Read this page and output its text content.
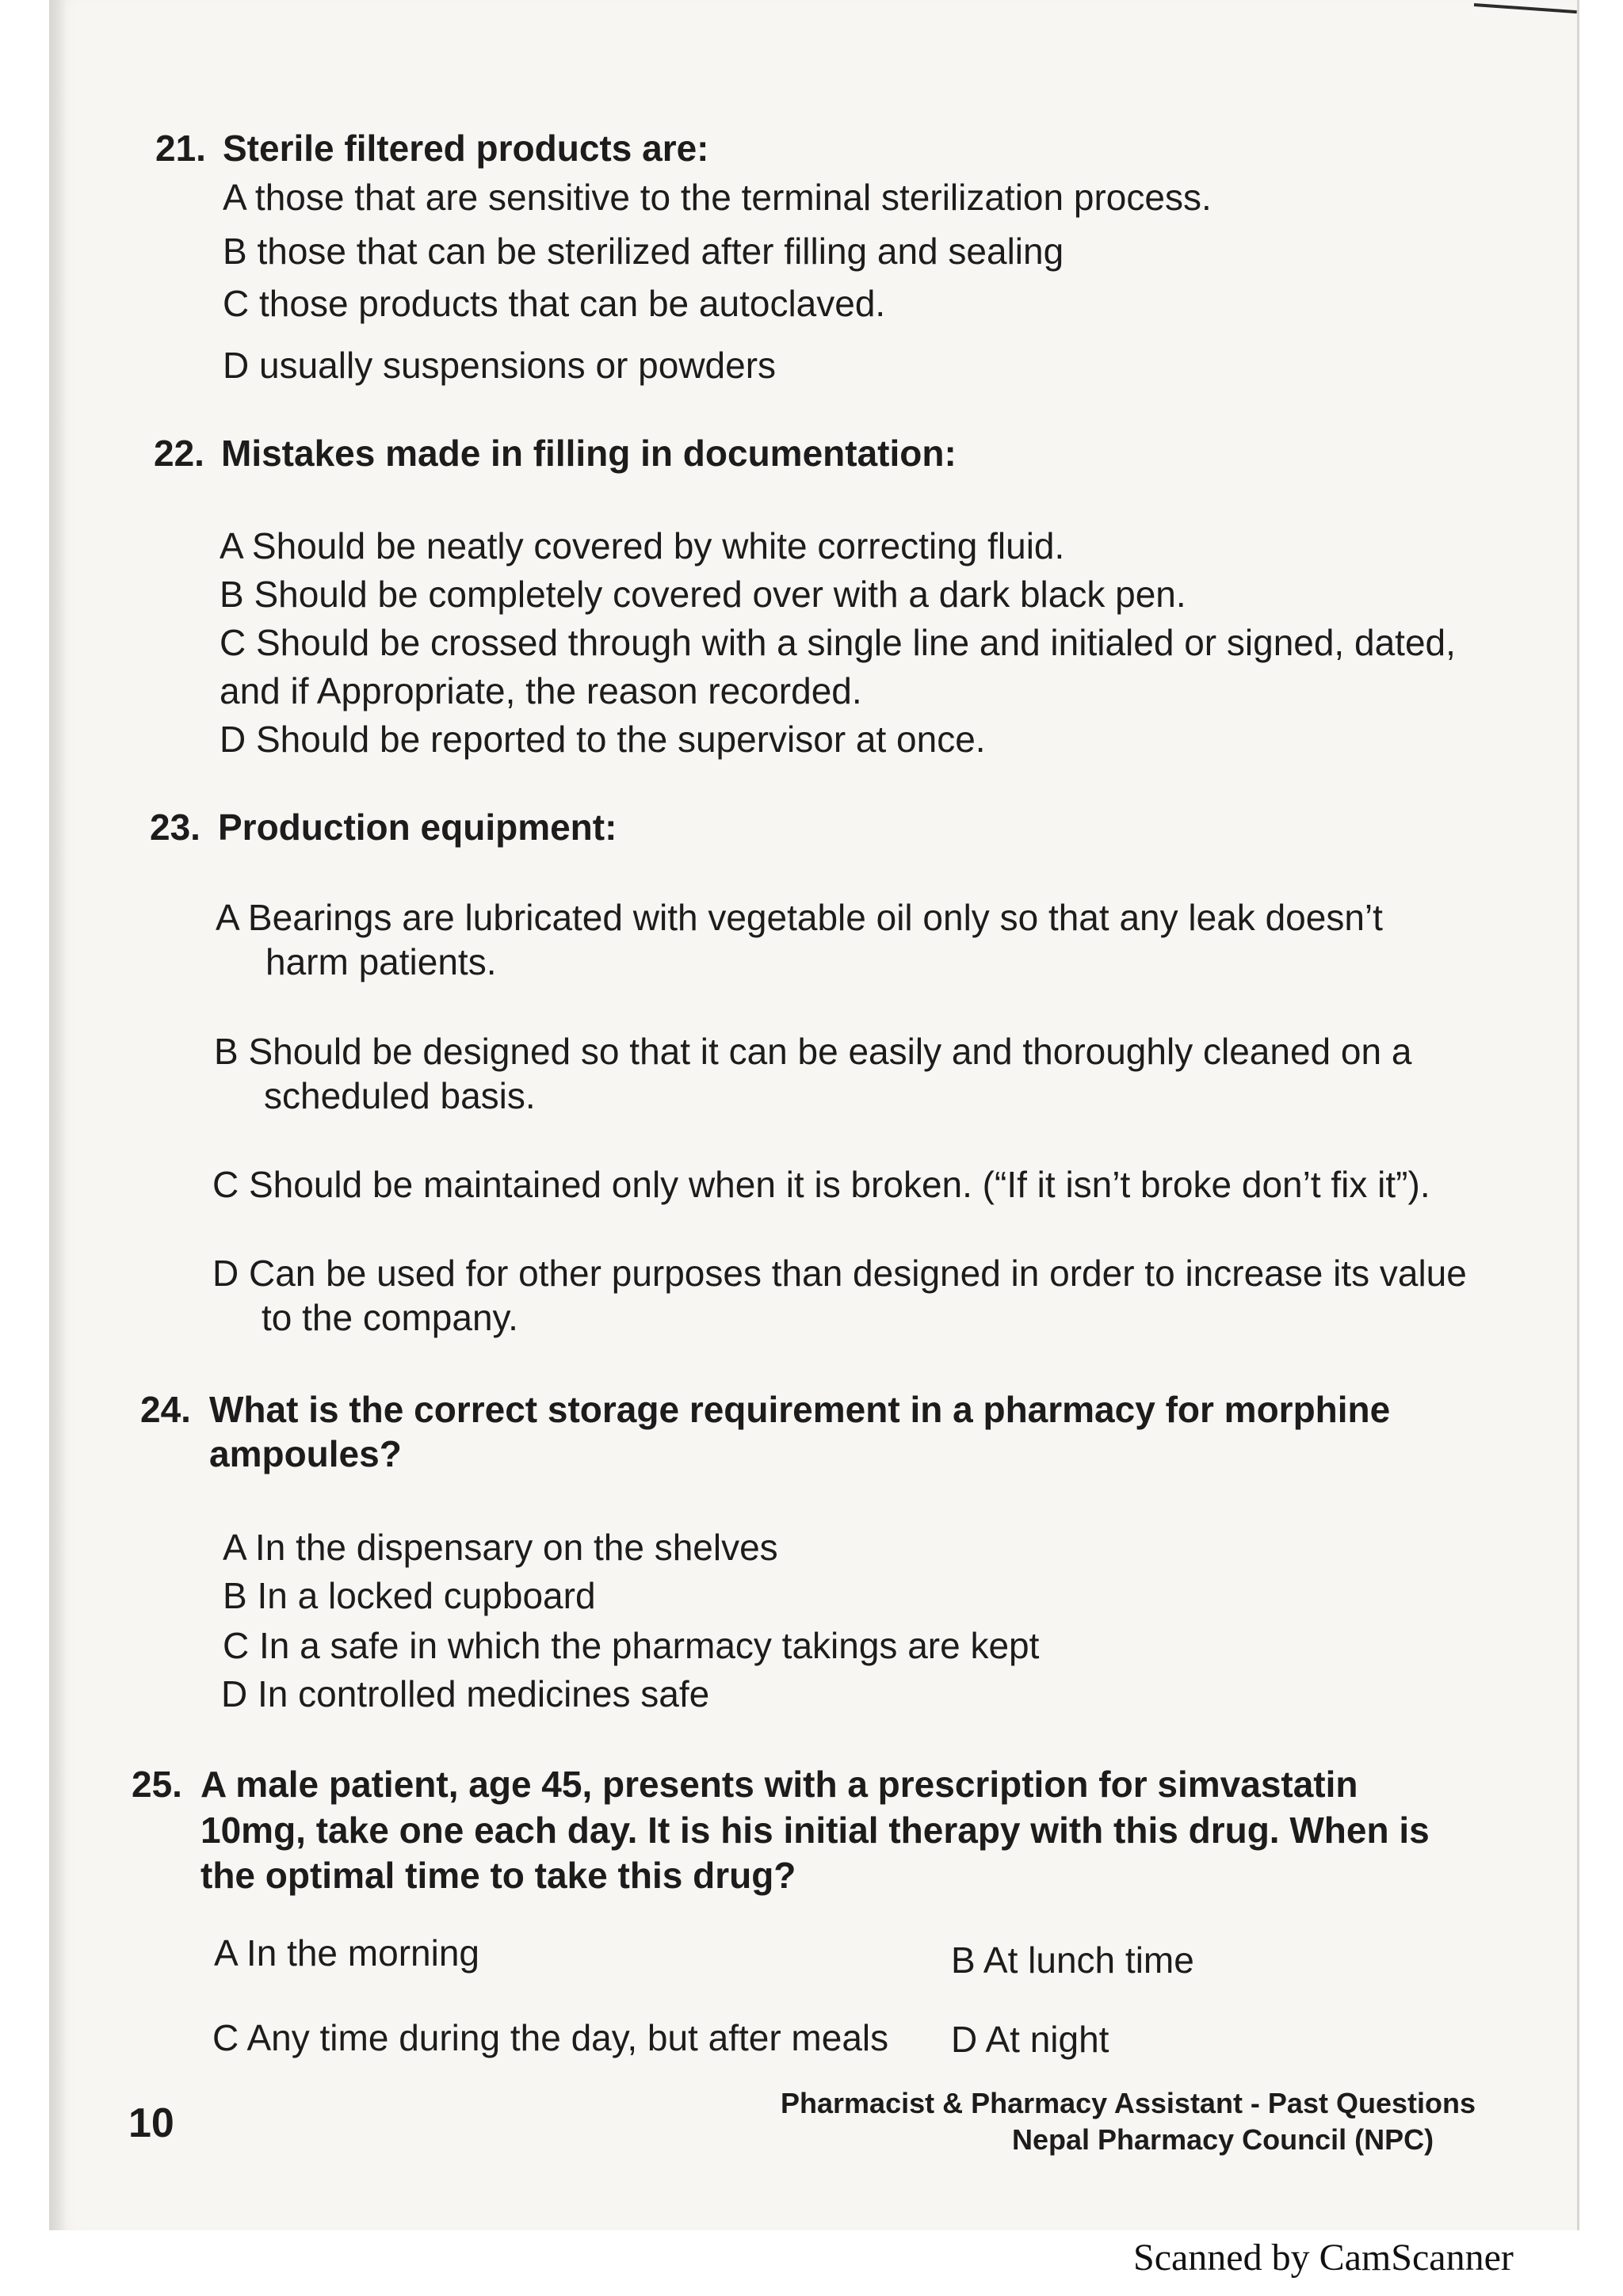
21. Sterile filtered products are:
A those that are sensitive to the terminal sterilization process.
B those that can be sterilized after filling and sealing
C those products that can be autoclaved.
D usually suspensions or powders
22. Mistakes made in filling in documentation:
A Should be neatly covered by white correcting fluid.
B Should be completely covered over with a dark black pen.
C Should be crossed through with a single line and initialed or signed, dated,
and if Appropriate, the reason recorded.
D Should be reported to the supervisor at once.
23. Production equipment:
A Bearings are lubricated with vegetable oil only so that any leak doesn’t
harm patients.
B Should be designed so that it can be easily and thoroughly cleaned on a
scheduled basis.
C Should be maintained only when it is broken. (“If it isn’t broke don’t fix it”).
D Can be used for other purposes than designed in order to increase its value
to the company.
24. What is the correct storage requirement in a pharmacy for morphine
ampoules?
A In the dispensary on the shelves
B In a locked cupboard
C In a safe in which the pharmacy takings are kept
D In controlled medicines safe
25. A male patient, age 45, presents with a prescription for simvastatin
10mg, take one each day. It is his initial therapy with this drug. When is
the optimal time to take this drug?
A In the morning	B At lunch time
C Any time during the day, but after meals D At night
10	Pharmacist & Pharmacy Assistant - Past Questions
Nepal Pharmacy Council (NPC)
Scanned by CamScanner
